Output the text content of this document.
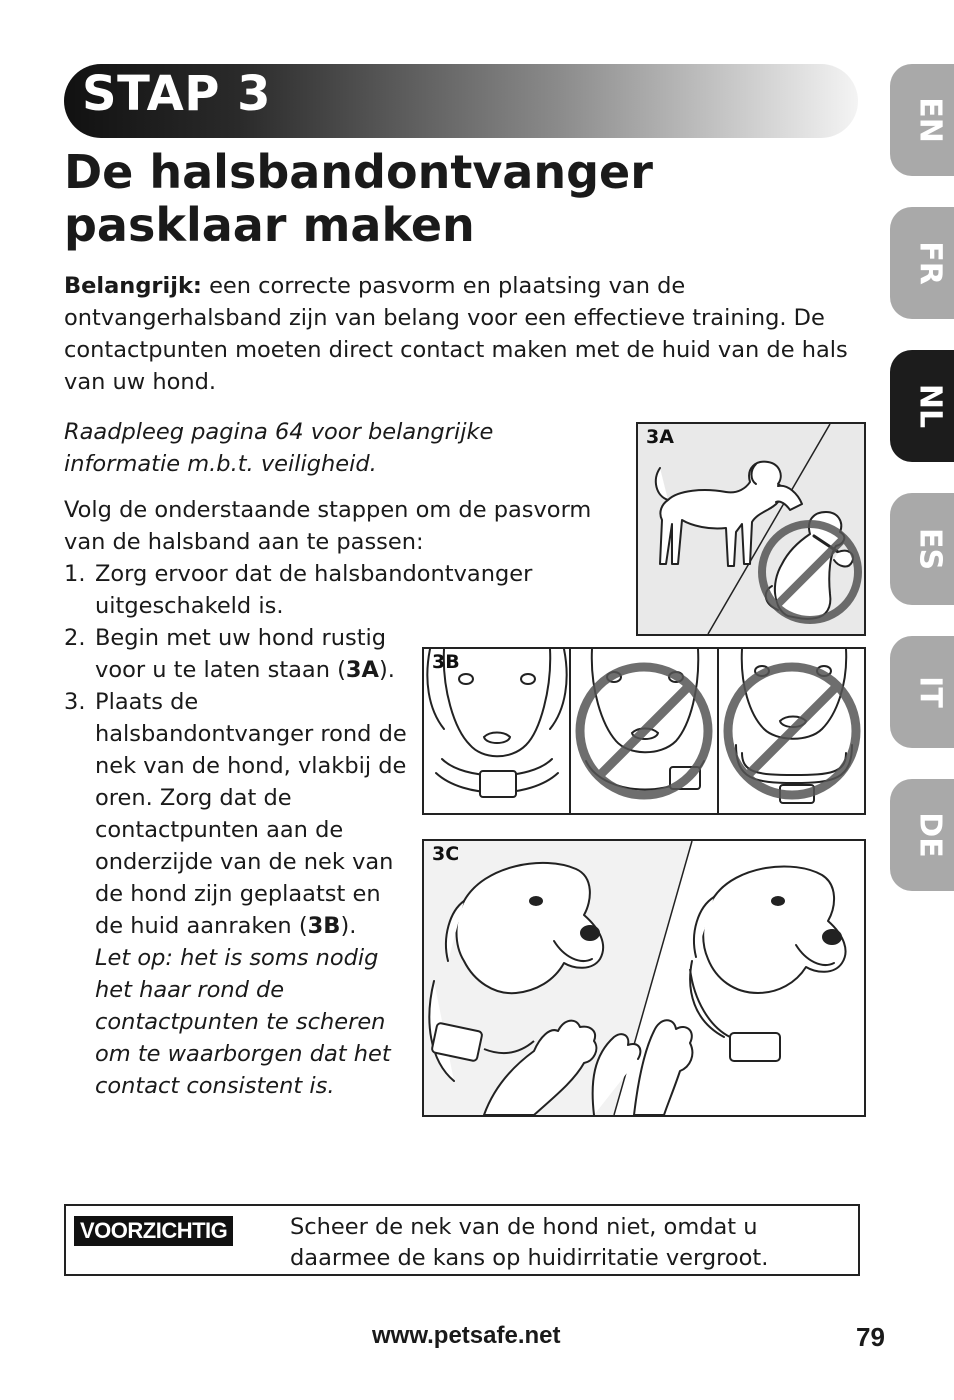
STAP 3
De halsbandontvanger pasklaar maken
Belangrijk: een correcte pasvorm en plaatsing van de ontvangerhalsband zijn van belang voor een effectieve training. De contactpunten moeten direct contact maken met de huid van de hals van uw hond.
Raadpleeg pagina 64 voor belangrijke informatie m.b.t. veiligheid.
Volg de onderstaande stappen om de pasvorm van de halsband aan te passen:
1. Zorg ervoor dat de halsbandontvanger uitgeschakeld is.
2. Begin met uw hond rustig voor u te laten staan (3A).
3. Plaats de halsbandontvanger rond de nek van de hond, vlakbij de oren. Zorg dat de contactpunten aan de onderzijde van de nek van de hond zijn geplaatst en de huid aanraken (3B).
Let op: het is soms nodig het haar rond de contactpunten te scheren om te waarborgen dat het contact consistent is.
EN
FR
NL
ES
IT
DE
3A
3B
3C
VOORZICHTIG	Scheer de nek van de hond niet, omdat u daarmee de kans op huidirritatie vergroot.
www.petsafe.net	79
